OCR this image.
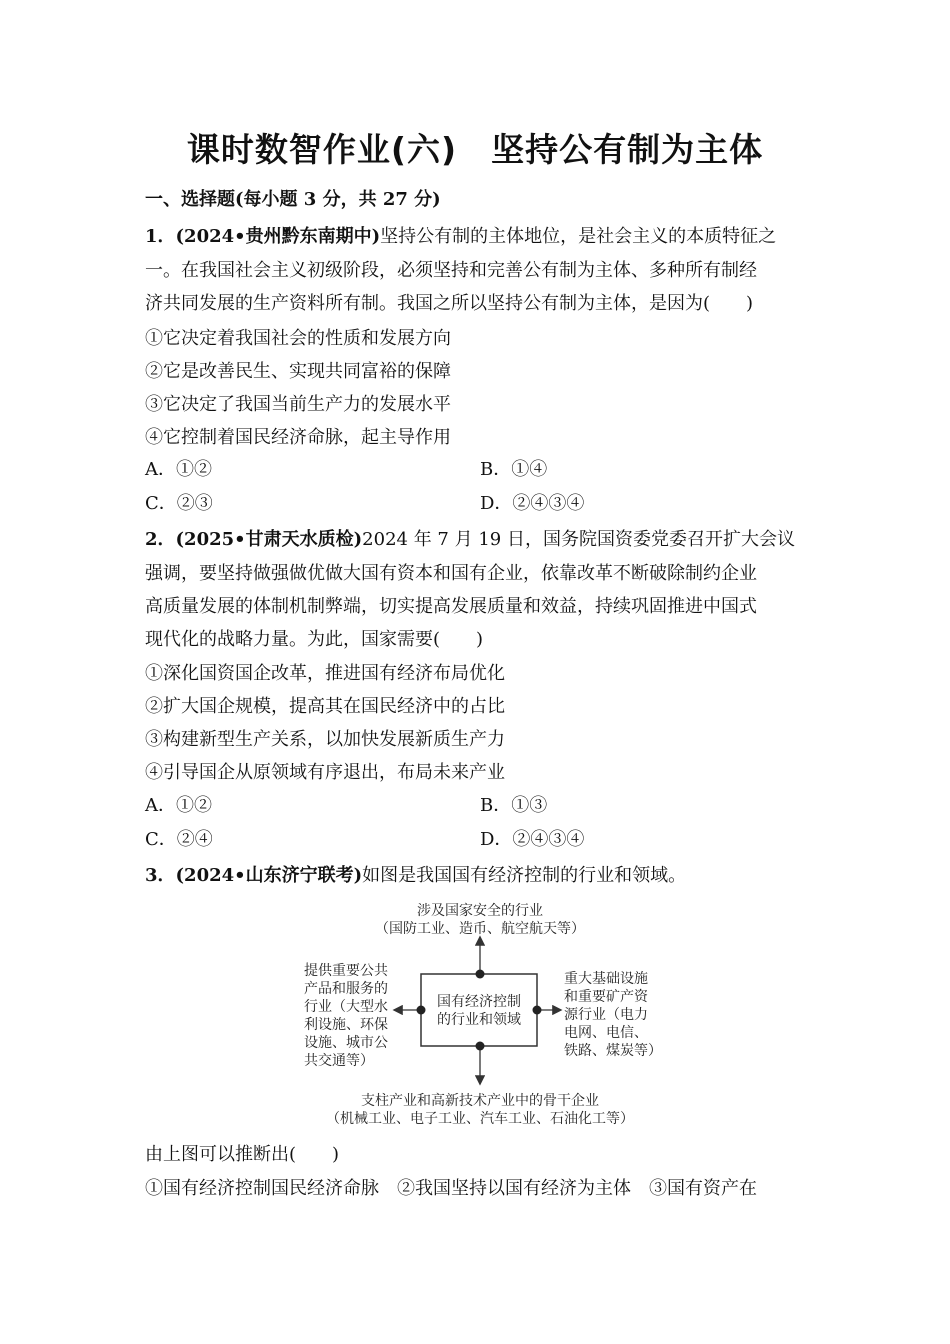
课时数智作业(六)　坚持公有制为主体
一、选择题(每小题 3 分，共 27 分)
1．(2024•贵州黔东南期中)坚持公有制的主体地位，是社会主义的本质特征之
一。在我国社会主义初级阶段，必须坚持和完善公有制为主体、多种所有制经
济共同发展的生产资料所有制。我国之所以坚持公有制为主体，是因为(　　)
①它决定着我国社会的性质和发展方向
②它是改善民生、实现共同富裕的保障
③它决定了我国当前生产力的发展水平
④它控制着国民经济命脉，起主导作用
A．①②	B．①④
C．②③	D．②④③④
2．(2025•甘肃天水质检)2024 年 7 月 19 日，国务院国资委党委召开扩大会议
强调，要坚持做强做优做大国有资本和国有企业，依靠改革不断破除制约企业
高质量发展的体制机制弊端，切实提高发展质量和效益，持续巩固推进中国式
现代化的战略力量。为此，国家需要(　　)
①深化国资国企改革，推进国有经济布局优化
②扩大国企规模，提高其在国民经济中的占比
③构建新型生产关系，以加快发展新质生产力
④引导国企从原领域有序退出，布局未来产业
A．①②	B．①③
C．②④	D．②④③④
3．(2024•山东济宁联考)如图是我国国有经济控制的行业和领域。
涉及国家安全的行业
（国防工业、造币、航空航天等）
国有经济控制
的行业和领域
提供重要公共
产品和服务的
行业（大型水
利设施、环保
设施、城市公
共交通等）
重大基础设施
和重要矿产资
源行业（电力
电网、电信、
铁路、煤炭等）
支柱产业和高新技术产业中的骨干企业
（机械工业、电子工业、汽车工业、石油化工等）
由上图可以推断出(　　)
①国有经济控制国民经济命脉　②我国坚持以国有经济为主体　③国有资产在
